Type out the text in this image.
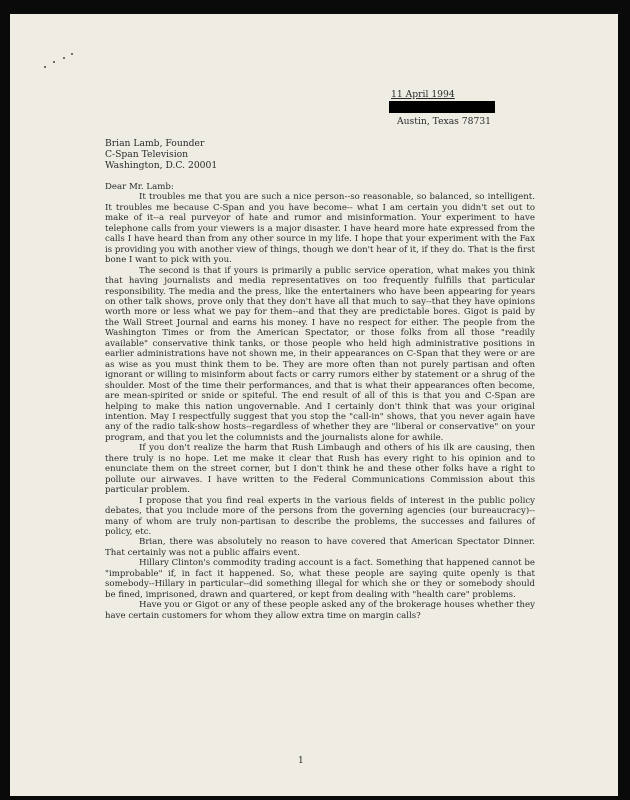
11 April 1994
Austin, Texas 78731
Brian Lamb, Founder
C-Span Television
Washington, D.C. 20001

Dear Mr. Lamb:

It troubles me that you are such a nice person--so reasonable, so balanced, so intelligent. It troubles me because C-Span and you have become-- what I am certain you didn't set out to make of it--a real purveyor of hate and rumor and misinformation. Your experiment to have telephone calls from your viewers is a major disaster. I have heard more hate expressed from the calls I have heard than from any other source in my life. I hope that your experiment with the Fax is providing you with another view of things, though we don't hear of it, if they do. That is the first bone I want to pick with you.

The second is that if yours is primarily a public service operation, what makes you think that having journalists and media representatives on too frequently fulfills that particular responsibility. The media and the press, like the entertainers who have been appearing for years on other talk shows, prove only that they don't have all that much to say--that they have opinions worth more or less what we pay for them--and that they are predictable bores. Gigot is paid by the Wall Street Journal and earns his money. I have no respect for either. The people from the Washington Times or from the American Spectator, or those folks from all those "readily available" conservative think tanks, or those people who held high administrative positions in earlier administrations have not shown me, in their appearances on C-Span that they were or are as wise as you must think them to be. They are more often than not purely partisan and often ignorant or willing to misinform about facts or carry rumors either by statement or a shrug of the shoulder. Most of the time their performances, and that is what their appearances often become, are mean-spirited or snide or spiteful. The end result of all of this is that you and C-Span are helping to make this nation ungovernable. And I certainly don't think that was your original intention. May I respectfully suggest that you stop the "call-in" shows, that you never again have any of the radio talk-show hosts--regardless of whether they are "liberal or conservative" on your program, and that you let the columnists and the journalists alone for awhile.

If you don't realize the harm that Rush Limbaugh and others of his ilk are causing, then there truly is no hope. Let me make it clear that Rush has every right to his opinion and to enunciate them on the street corner, but I don't think he and these other folks have a right to pollute our airwaves. I have written to the Federal Communications Commission about this particular problem.

I propose that you find real experts in the various fields of interest in the public policy debates, that you include more of the persons from the governing agencies (our bureaucracy)--many of whom are truly non-partisan to describe the problems, the successes and failures of policy, etc.

Brian, there was absolutely no reason to have covered that American Spectator Dinner. That certainly was not a public affairs event.

Hillary Clinton's commodity trading account is a fact. Something that happened cannot be "improbable" if, in fact it happened. So, what these people are saying quite openly is that somebody--Hillary in particular--did something illegal for which she or they or somebody should be fined, imprisoned, drawn and quartered, or kept from dealing with "health care" problems.

Have you or Gigot or any of these people asked any of the brokerage houses whether they have certain customers for whom they allow extra time on margin calls?

1
